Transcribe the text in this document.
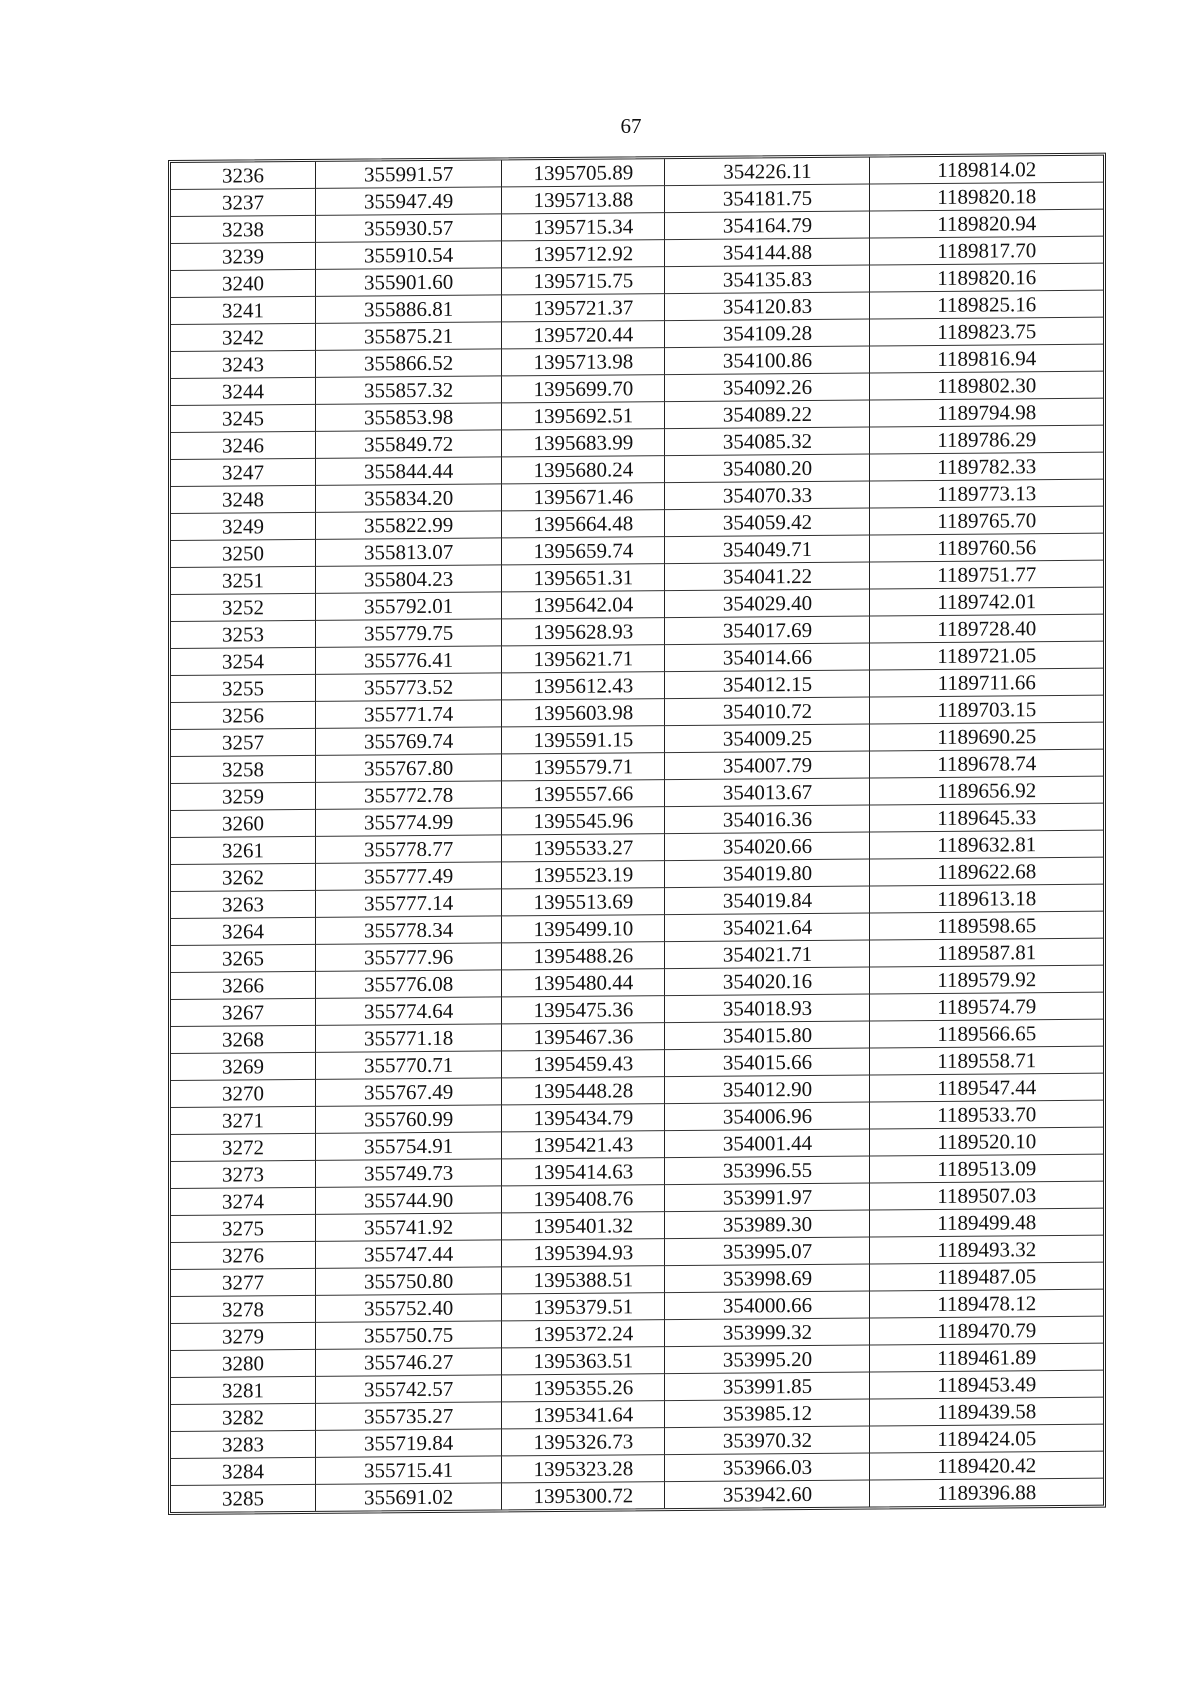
67
3236	355991.57	1395705.89	354226.11	1189814.02
3237	355947.49	1395713.88	354181.75	1189820.18
3238	355930.57	1395715.34	354164.79	1189820.94
3239	355910.54	1395712.92	354144.88	1189817.70
3240	355901.60	1395715.75	354135.83	1189820.16
3241	355886.81	1395721.37	354120.83	1189825.16
3242	355875.21	1395720.44	354109.28	1189823.75
3243	355866.52	1395713.98	354100.86	1189816.94
3244	355857.32	1395699.70	354092.26	1189802.30
3245	355853.98	1395692.51	354089.22	1189794.98
3246	355849.72	1395683.99	354085.32	1189786.29
3247	355844.44	1395680.24	354080.20	1189782.33
3248	355834.20	1395671.46	354070.33	1189773.13
3249	355822.99	1395664.48	354059.42	1189765.70
3250	355813.07	1395659.74	354049.71	1189760.56
3251	355804.23	1395651.31	354041.22	1189751.77
3252	355792.01	1395642.04	354029.40	1189742.01
3253	355779.75	1395628.93	354017.69	1189728.40
3254	355776.41	1395621.71	354014.66	1189721.05
3255	355773.52	1395612.43	354012.15	1189711.66
3256	355771.74	1395603.98	354010.72	1189703.15
3257	355769.74	1395591.15	354009.25	1189690.25
3258	355767.80	1395579.71	354007.79	1189678.74
3259	355772.78	1395557.66	354013.67	1189656.92
3260	355774.99	1395545.96	354016.36	1189645.33
3261	355778.77	1395533.27	354020.66	1189632.81
3262	355777.49	1395523.19	354019.80	1189622.68
3263	355777.14	1395513.69	354019.84	1189613.18
3264	355778.34	1395499.10	354021.64	1189598.65
3265	355777.96	1395488.26	354021.71	1189587.81
3266	355776.08	1395480.44	354020.16	1189579.92
3267	355774.64	1395475.36	354018.93	1189574.79
3268	355771.18	1395467.36	354015.80	1189566.65
3269	355770.71	1395459.43	354015.66	1189558.71
3270	355767.49	1395448.28	354012.90	1189547.44
3271	355760.99	1395434.79	354006.96	1189533.70
3272	355754.91	1395421.43	354001.44	1189520.10
3273	355749.73	1395414.63	353996.55	1189513.09
3274	355744.90	1395408.76	353991.97	1189507.03
3275	355741.92	1395401.32	353989.30	1189499.48
3276	355747.44	1395394.93	353995.07	1189493.32
3277	355750.80	1395388.51	353998.69	1189487.05
3278	355752.40	1395379.51	354000.66	1189478.12
3279	355750.75	1395372.24	353999.32	1189470.79
3280	355746.27	1395363.51	353995.20	1189461.89
3281	355742.57	1395355.26	353991.85	1189453.49
3282	355735.27	1395341.64	353985.12	1189439.58
3283	355719.84	1395326.73	353970.32	1189424.05
3284	355715.41	1395323.28	353966.03	1189420.42
3285	355691.02	1395300.72	353942.60	1189396.88
